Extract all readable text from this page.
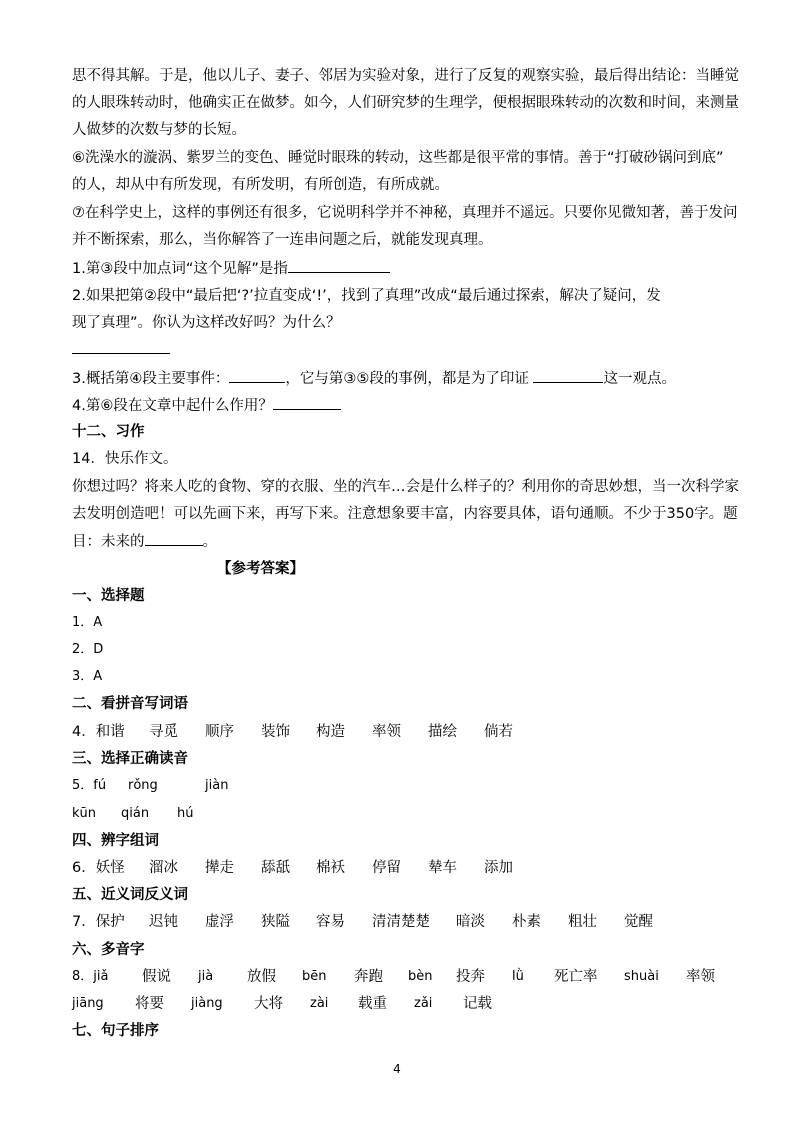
思不得其解。于是，他以儿子、妻子、邻居为实验对象，进行了反复的观察实验，最后得出结论：当睡觉
的人眼珠转动时，他确实正在做梦。如今，人们研究梦的生理学，便根据眼珠转动的次数和时间，来测量
人做梦的次数与梦的长短。
⑥洗澡水的漩涡、紫罗兰的变色、睡觉时眼珠的转动，这些都是很平常的事情。善于“打破砂锅问到底”
的人，却从中有所发现，有所发明，有所创造，有所成就。
⑦在科学史上，这样的事例还有很多，它说明科学并不神秘，真理并不遥远。只要你见微知著，善于发问
并不断探索，那么，当你解答了一连串问题之后，就能发现真理。
1.第③段中加点词“这个见解”是指
2.如果把第②段中“最后把‘?’拉直变成‘!’，找到了真理”改成“最后通过探索，解决了疑问，发
现了真理”。你认为这样改好吗？为什么？
3.概括第④段主要事件：	，它与第③⑤段的事例，都是为了印证	这一观点。
4.第⑥段在文章中起什么作用？
十二、习作
14．快乐作文。
你想过吗？将来人吃的食物、穿的衣服、坐的汽车…会是什么样子的？利用你的奇思妙想，当一次科学家
去发明创造吧！可以先画下来，再写下来。注意想象要丰富，内容要具体，语句通顺。不少于350字。题
目：未来的	。
【参考答案】
一、选择题
1．A
2．D
3．A
二、看拼音写词语
4．和谐 寻觅 顺序 装饰 构造 率领 描绘 倘若
三、选择正确读音
5．fú rǒng	jiàn
kūn qián hú
四、辨字组词
6．妖怪 溜冰 撵走 舔舐 棉袄 停留 辇车 添加
五、近义词反义词
7．保护 迟钝 虚浮 狭隘 容易 清清楚楚 暗淡 朴素 粗壮 觉醒
六、多音字
8．jiǎ 假说 jià 放假 bēn 奔跑 bèn 投奔 lǜ 死亡率 shuài 率领
jiāng 将要 jiàng 大将 zài 载重 zǎi 记载
七、句子排序
4
